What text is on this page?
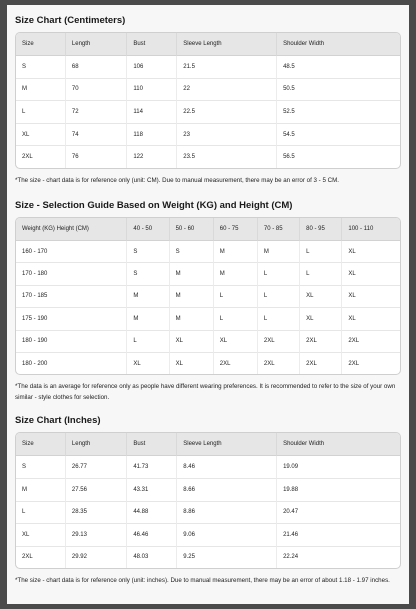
Size Chart (Centimeters)
Size	Length	Bust	Sleeve Length	Shoulder Width
S	68	106	21.5	48.5
M	70	110	22	50.5
L	72	114	22.5	52.5
XL	74	118	23	54.5
2XL	76	122	23.5	56.5
*The size - chart data is for reference only (unit: CM). Due to manual measurement, there may be an error of 3 - 5 CM.
Size - Selection Guide Based on Weight (KG) and Height (CM)
Weight (KG) Height (CM)	40 - 50	50 - 60	60 - 75	70 - 85	80 - 95	100 - 110
160 - 170	S	S	M	M	L	XL
170 - 180	S	M	M	L	L	XL
170 - 185	M	M	L	L	XL	XL
175 - 190	M	M	L	L	XL	XL
180 - 190	L	XL	XL	2XL	2XL	2XL
180 - 200	XL	XL	2XL	2XL	2XL	2XL
*The data is an average for reference only as people have different wearing preferences. It is recommended to refer to the size of your own similar - style clothes for selection.
Size Chart (Inches)
Size	Length	Bust	Sleeve Length	Shoulder Width
S	26.77	41.73	8.46	19.09
M	27.56	43.31	8.66	19.88
L	28.35	44.88	8.86	20.47
XL	29.13	46.46	9.06	21.46
2XL	29.92	48.03	9.25	22.24
*The size - chart data is for reference only (unit: inches). Due to manual measurement, there may be an error of about 1.18 - 1.97 inches.
